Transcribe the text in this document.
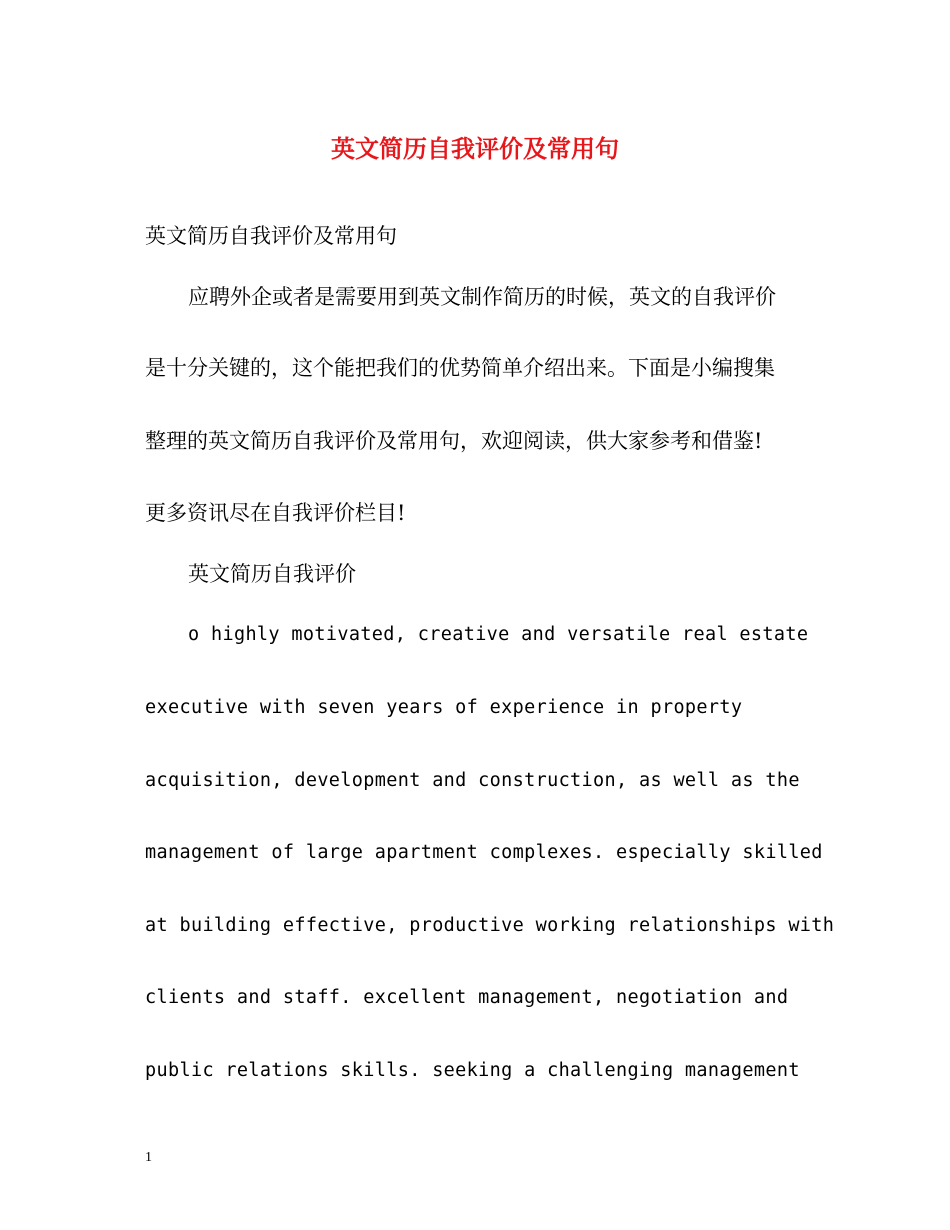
英文简历自我评价及常用句
英文简历自我评价及常用句
应聘外企或者是需要用到英文制作简历的时候，英文的自我评价
是十分关键的，这个能把我们的优势简单介绍出来。下面是小编搜集
整理的英文简历自我评价及常用句，欢迎阅读，供大家参考和借鉴!
更多资讯尽在自我评价栏目!
英文简历自我评价
o highly motivated, creative and versatile real estate
executive with seven years of experience in property
acquisition, development and construction, as well as the
management of large apartment complexes. especially skilled
at building effective, productive working relationships with
clients and staff. excellent management, negotiation and
public relations skills. seeking a challenging management
1
